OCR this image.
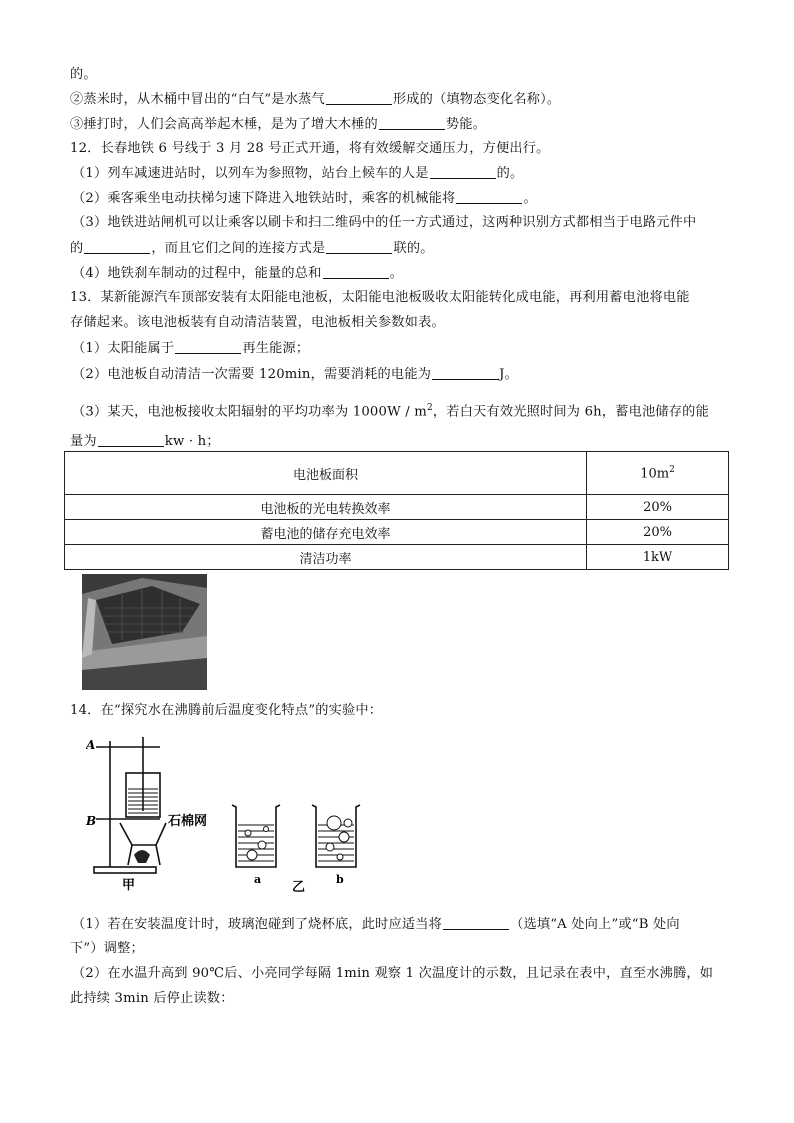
的。
②蒸米时，从木桶中冒出的“白气”是水蒸气	形成的（填物态变化名称）。
③捶打时，人们会高高举起木棰，是为了增大木棰的	势能。
12．长春地铁 6 号线于 3 月 28 号正式开通，将有效缓解交通压力，方便出行。
（1）列车减速进站时，以列车为参照物，站台上候车的人是	的。
（2）乘客乘坐电动扶梯匀速下降进入地铁站时，乘客的机械能将	。
（3）地铁进站闸机可以让乘客以刷卡和扫二维码中的任一方式通过，这两种识别方式都相当于电路元件中
的	，而且它们之间的连接方式是	联的。
（4）地铁刹车制动的过程中，能量的总和	。
13．某新能源汽车顶部安装有太阳能电池板，太阳能电池板吸收太阳能转化成电能，再利用蓄电池将电能
存储起来。该电池板装有自动清洁装置，电池板相关参数如表。
（1）太阳能属于	再生能源；
（2）电池板自动清洁一次需要 120min，需要消耗的电能为	J。
（3）某天，电池板接收太阳辐射的平均功率为 $1000W / m^2$，若白天有效光照时间为 6h，蓄电池储存的能
量为	kw · h；
电池板面积	$10m^2$
电池板的光电转换效率	20%
蓄电池的储存充电效率	20%
清洁功率	1kW
14．在“探究水在沸腾前后温度变化特点”的实验中：
A
B	石棉网
甲	a
乙
b
（1）若在安装温度计时，玻璃泡碰到了烧杯底，此时应适当将	（选填“A 处向上”或“B 处向
下”）调整；
（2）在水温升高到 90℃后、小亮同学每隔 1min 观察 1 次温度计的示数，且记录在表中，直至水沸腾，如
此持续 3min 后停止读数：
